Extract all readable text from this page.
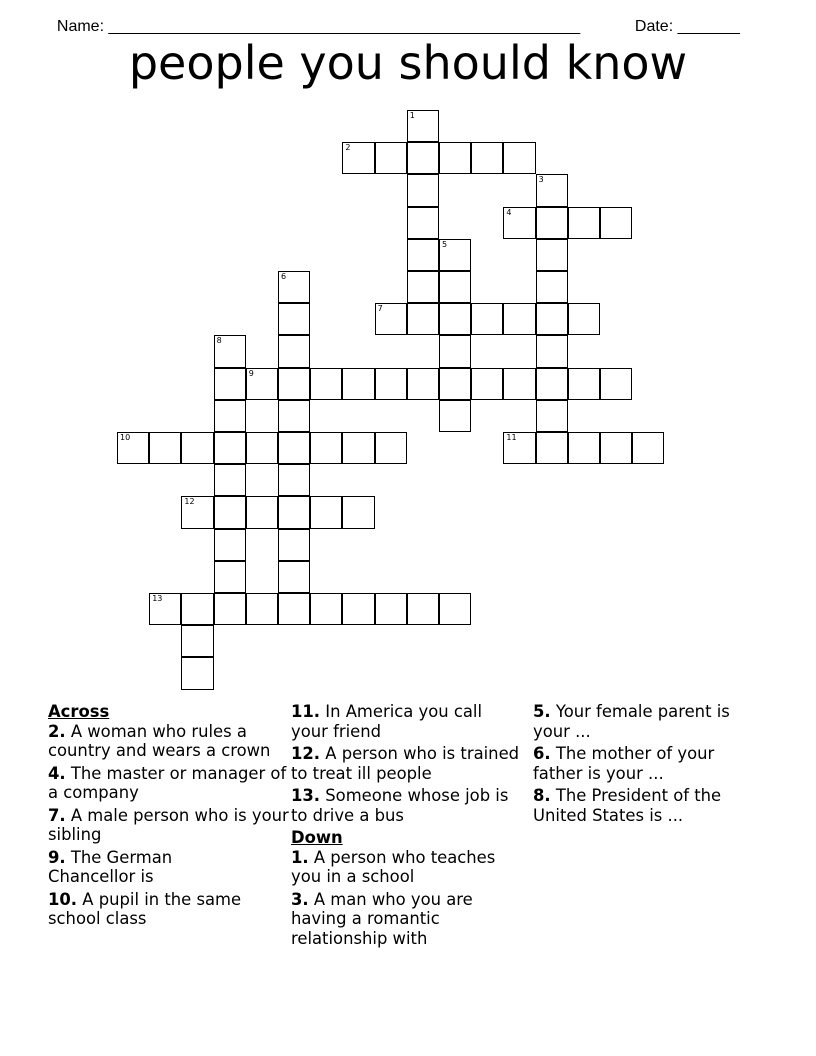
Name: _____________________________________________________	Date: _______

people you should know
1
2
3
4
5
6
7
8
9
10	11
12
13
Across
2. A woman who rules a country and wears a crown
4. The master or manager of a company
7. A male person who is your sibling
9. The German Chancellor is
10. A pupil in the same school class
11. In America you call your friend
12. A person who is trained to treat ill people
13. Someone whose job is to drive a bus
Down
1. A person who teaches you in a school
3. A man who you are having a romantic relationship with
5. Your female parent is your ...
6. The mother of your father is your ...
8. The President of the United States is ...
